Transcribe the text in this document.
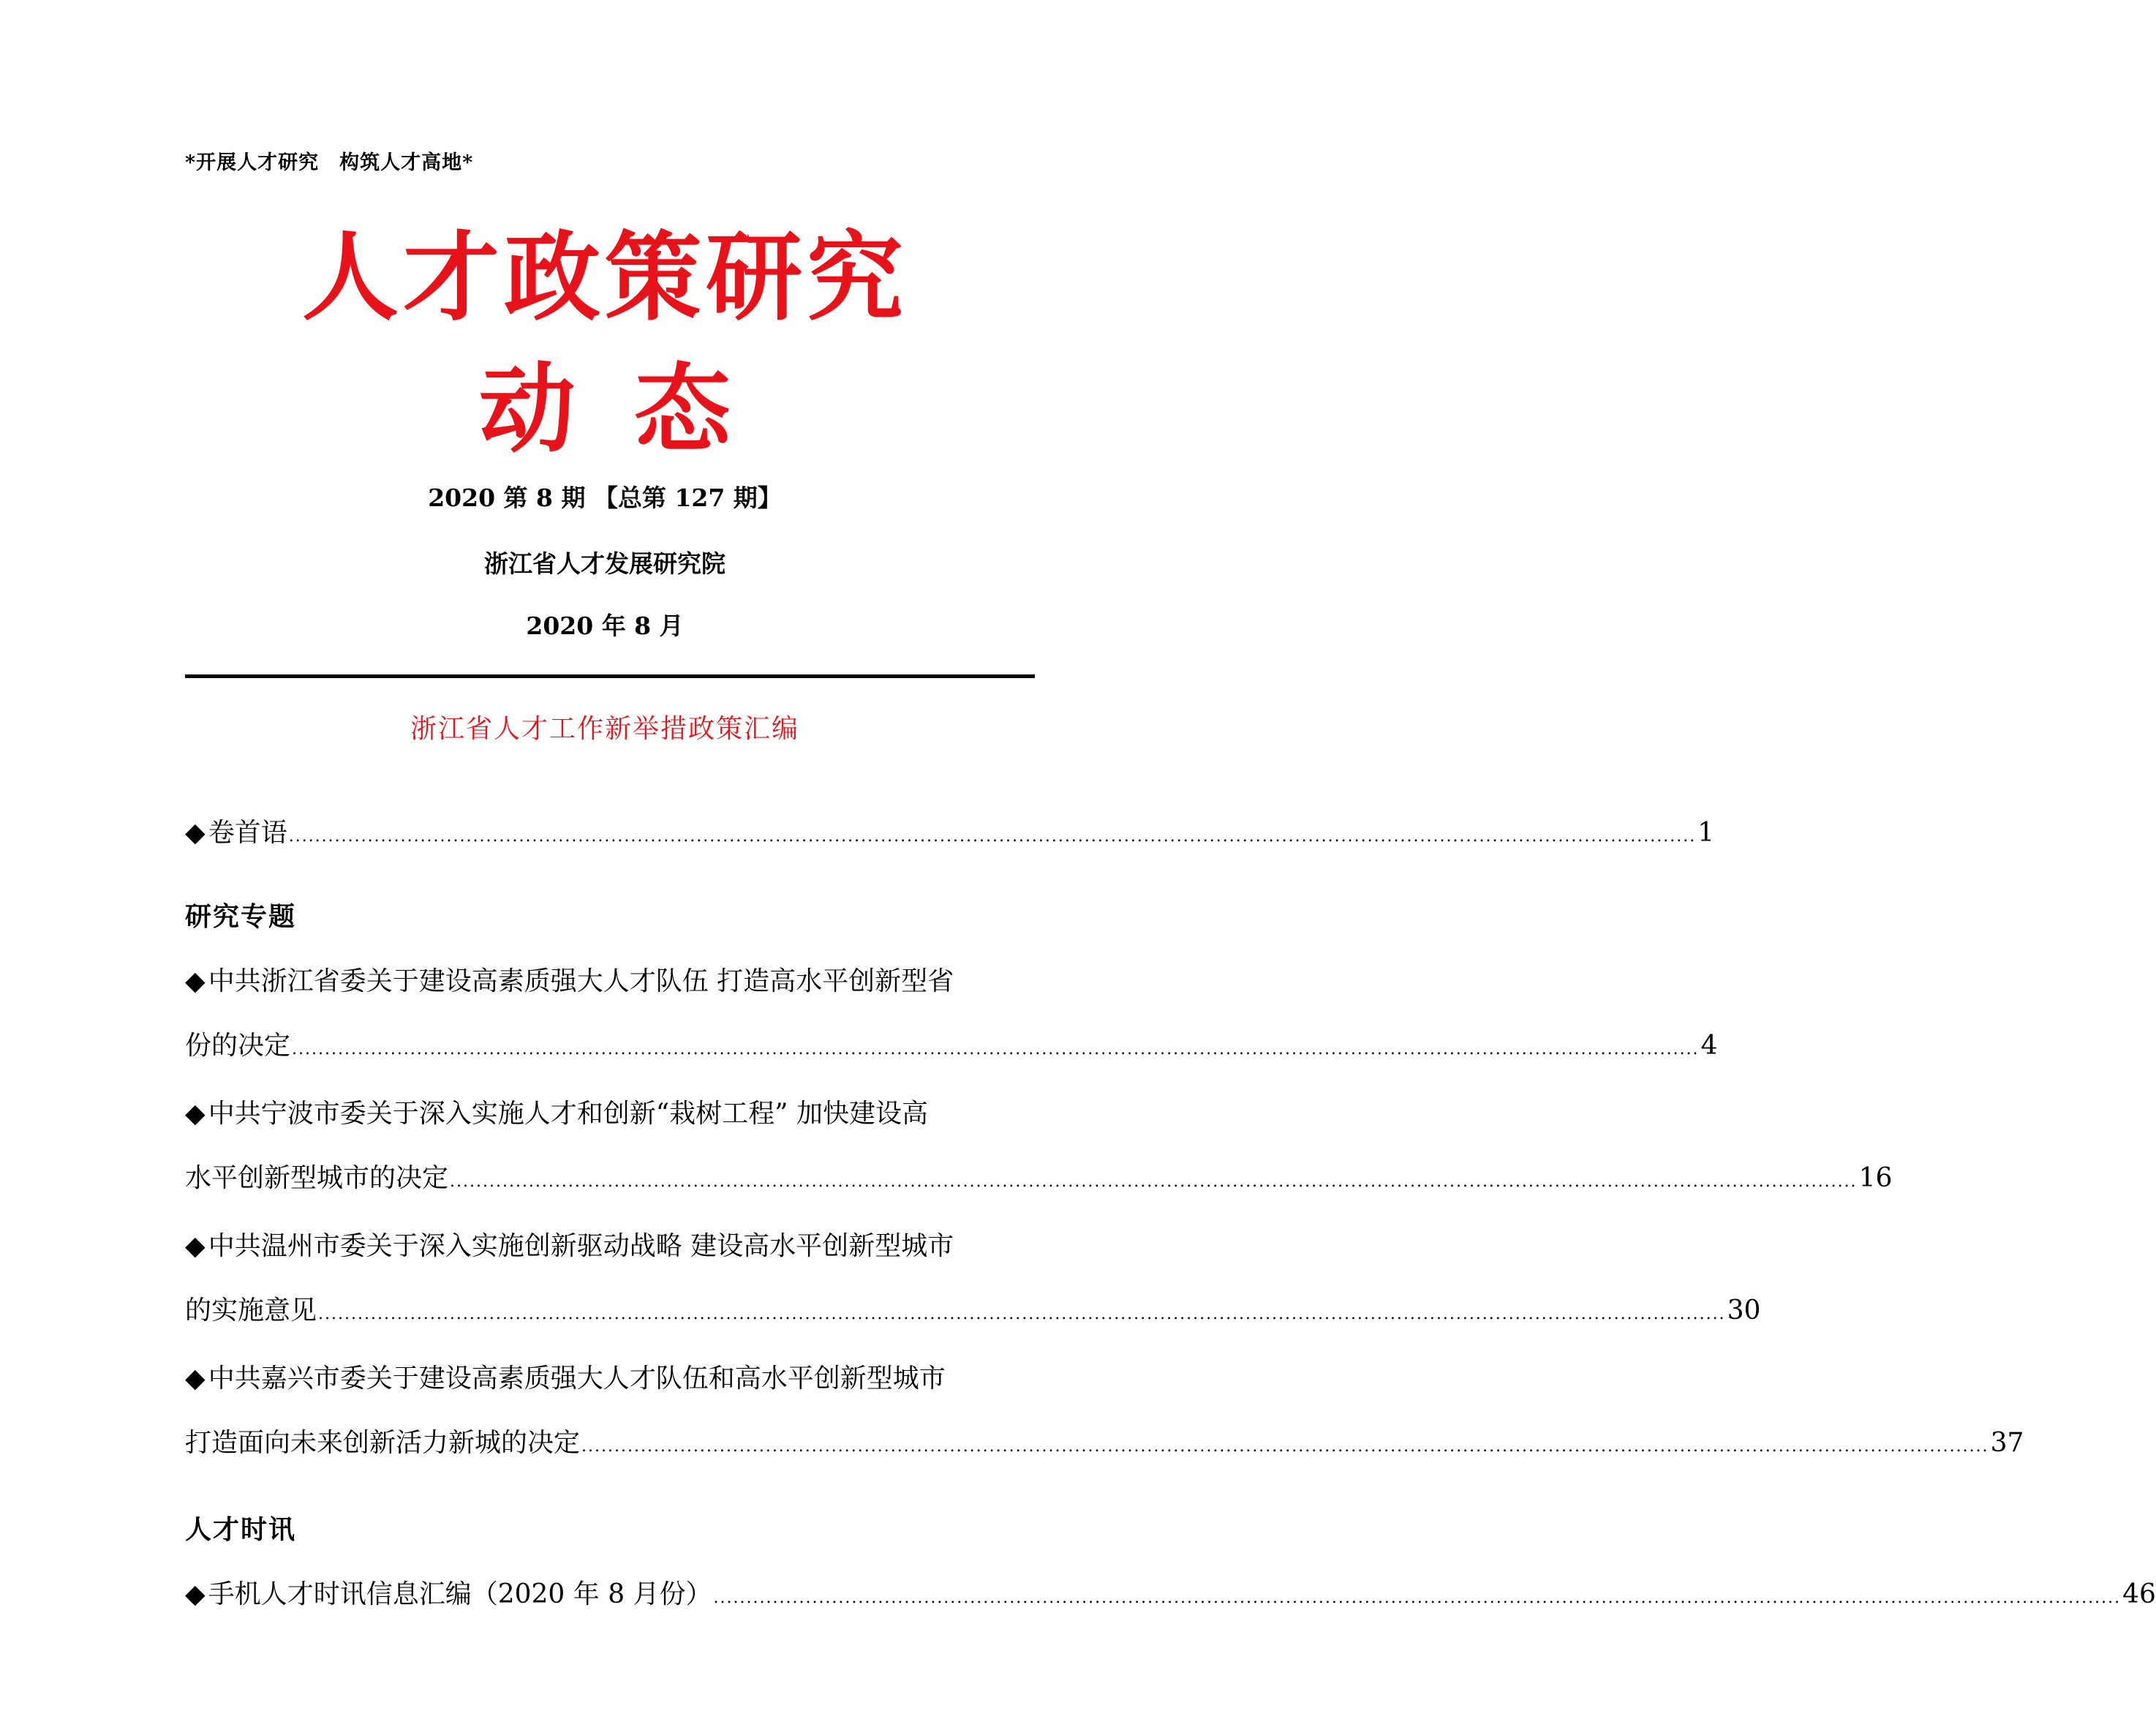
*开展人才研究　构筑人才高地*
人才政策研究
动态
2020 第 8 期 【总第 127 期】
浙江省人才发展研究院
2020 年 8 月
浙江省人才工作新举措政策汇编
◆ 卷首语 ...................................................................................................................................................................................................................... 1
研究专题
◆ 中共浙江省委关于建设高素质强大人才队伍 打造高水平创新型省
份的决定 ...................................................................................................................................................................................................................... 4
◆ 中共宁波市委关于深入实施人才和创新“栽树工程” 加快建设高
水平创新型城市的决定 ...................................................................................................................................................................................................................... 16
◆ 中共温州市委关于深入实施创新驱动战略 建设高水平创新型城市
的实施意见 ...................................................................................................................................................................................................................... 30
◆ 中共嘉兴市委关于建设高素质强大人才队伍和高水平创新型城市
打造面向未来创新活力新城的决定 ...................................................................................................................................................................................................................... 37
人才时讯
◆ 手机人才时讯信息汇编（2020 年 8 月份） ...................................................................................................................................................................................................................... 46
